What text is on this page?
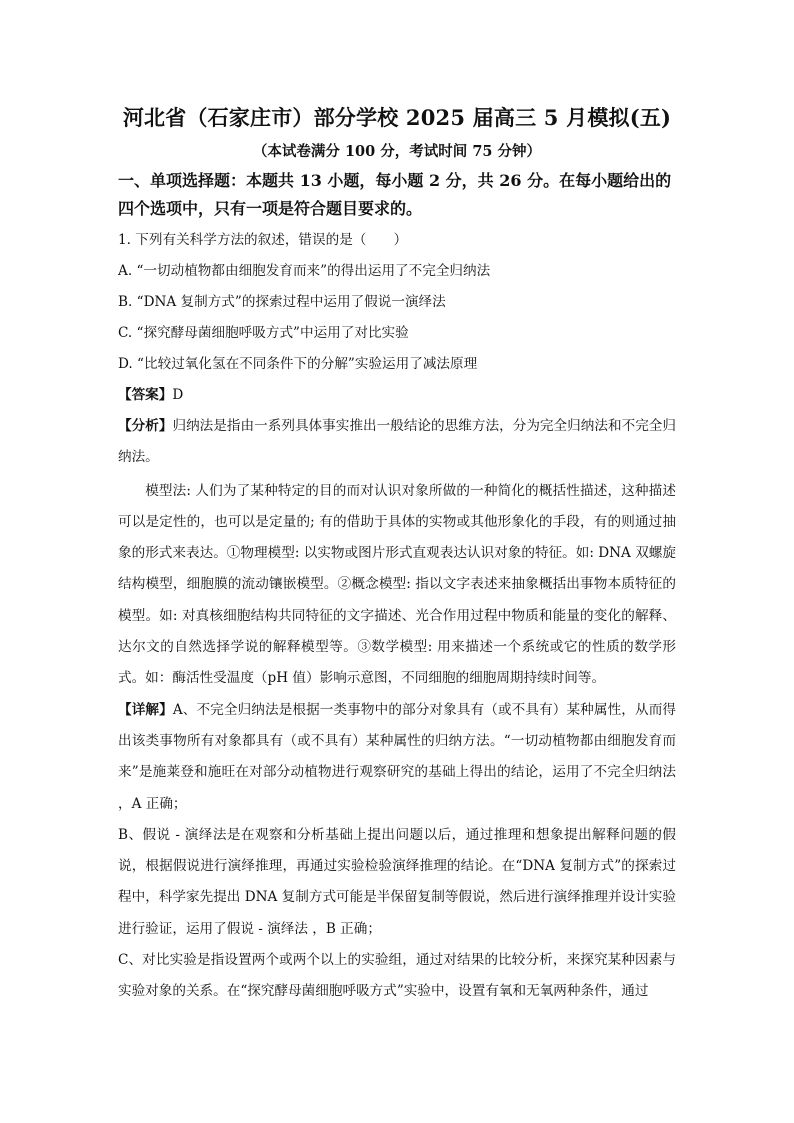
河北省（石家庄市）部分学校 2025 届高三 5 月模拟(五)
（本试卷满分 100 分，考试时间 75 分钟）
一、单项选择题：本题共 13 小题，每小题 2 分，共 26 分。在每小题给出的四个选项中，只有一项是符合题目要求的。
1. 下列有关科学方法的叙述，错误的是（　　）
A. “一切动植物都由细胞发育而来”的得出运用了不完全归纳法
B. “DNA 复制方式”的探索过程中运用了假说一演绎法
C. “探究酵母菌细胞呼吸方式”中运用了对比实验
D. “比较过氧化氢在不同条件下的分解”实验运用了减法原理
【答案】D
【分析】归纳法是指由一系列具体事实推出一般结论的思维方法，分为完全归纳法和不完全归纳法。
模型法: 人们为了某种特定的目的而对认识对象所做的一种简化的概括性描述，这种描述可以是定性的，也可以是定量的; 有的借助于具体的实物或其他形象化的手段，有的则通过抽象的形式来表达。①物理模型: 以实物或图片形式直观表达认识对象的特征。如: DNA 双螺旋结构模型，细胞膜的流动镶嵌模型。②概念模型: 指以文字表述来抽象概括出事物本质特征的模型。如: 对真核细胞结构共同特征的文字描述、光合作用过程中物质和能量的变化的解释、达尔文的自然选择学说的解释模型等。③数学模型: 用来描述一个系统或它的性质的数学形式。如：酶活性受温度（pH 值）影响示意图，不同细胞的细胞周期持续时间等。
【详解】A、不完全归纳法是根据一类事物中的部分对象具有（或不具有）某种属性，从而得出该类事物所有对象都具有（或不具有）某种属性的归纳方法。“一切动植物都由细胞发育而来”是施莱登和施旺在对部分动植物进行观察研究的基础上得出的结论，运用了不完全归纳法 ，A 正确；
B、假说 - 演绎法是在观察和分析基础上提出问题以后，通过推理和想象提出解释问题的假说，根据假说进行演绎推理，再通过实验检验演绎推理的结论。在“DNA 复制方式”的探索过程中，科学家先提出 DNA 复制方式可能是半保留复制等假说，然后进行演绎推理并设计实验进行验证，运用了假说 - 演绎法 ，B 正确；
C、对比实验是指设置两个或两个以上的实验组，通过对结果的比较分析，来探究某种因素与实验对象的关系。在“探究酵母菌细胞呼吸方式”实验中，设置有氧和无氧两种条件，通过
